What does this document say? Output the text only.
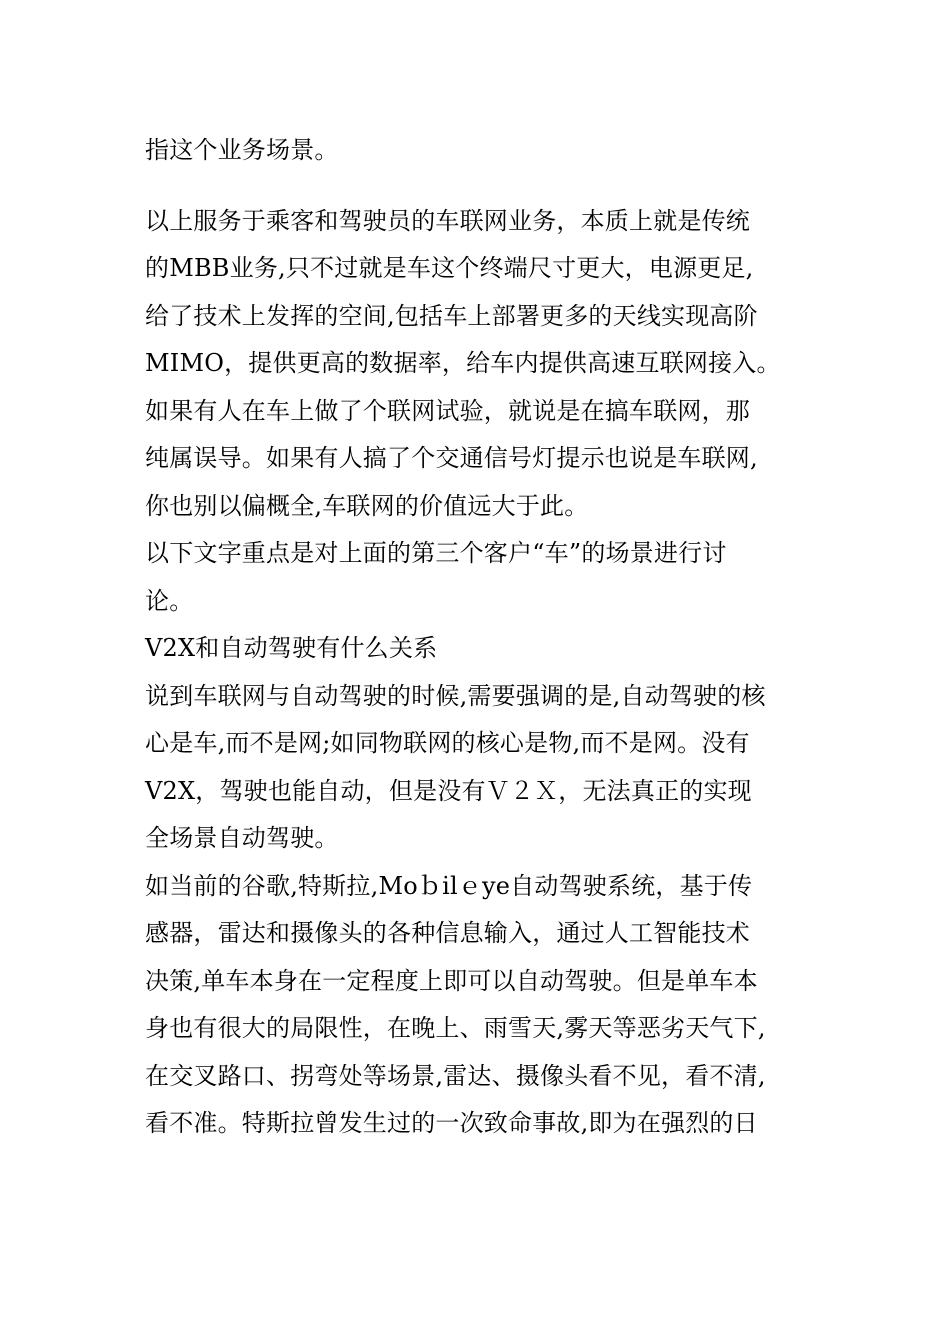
指这个业务场景。
以上服务于乘客和驾驶员的车联网业务，本质上就是传统
的MBB业务,只不过就是车这个终端尺寸更大，电源更足,
给了技术上发挥的空间,包括车上部署更多的天线实现高阶
MIMO，提供更高的数据率，给车内提供高速互联网接入。
如果有人在车上做了个联网试验，就说是在搞车联网，那
纯属误导。如果有人搞了个交通信号灯提示也说是车联网,
你也别以偏概全,车联网的价值远大于此。
以下文字重点是对上面的第三个客户“车”的场景进行讨
论。
V2X和自动驾驶有什么关系
说到车联网与自动驾驶的时候,需要强调的是,自动驾驶的核
心是车,而不是网;如同物联网的核心是物,而不是网。没有
V2X，驾驶也能自动，但是没有Ｖ２Ｘ，无法真正的实现
全场景自动驾驶。
如当前的谷歌,特斯拉,Moｂilｅye自动驾驶系统，基于传
感器，雷达和摄像头的各种信息输入，通过人工智能技术
决策,单车本身在一定程度上即可以自动驾驶。但是单车本
身也有很大的局限性，在晚上、雨雪天,雾天等恶劣天气下,
在交叉路口、拐弯处等场景,雷达、摄像头看不见，看不清,
看不准。特斯拉曾发生过的一次致命事故,即为在强烈的日
